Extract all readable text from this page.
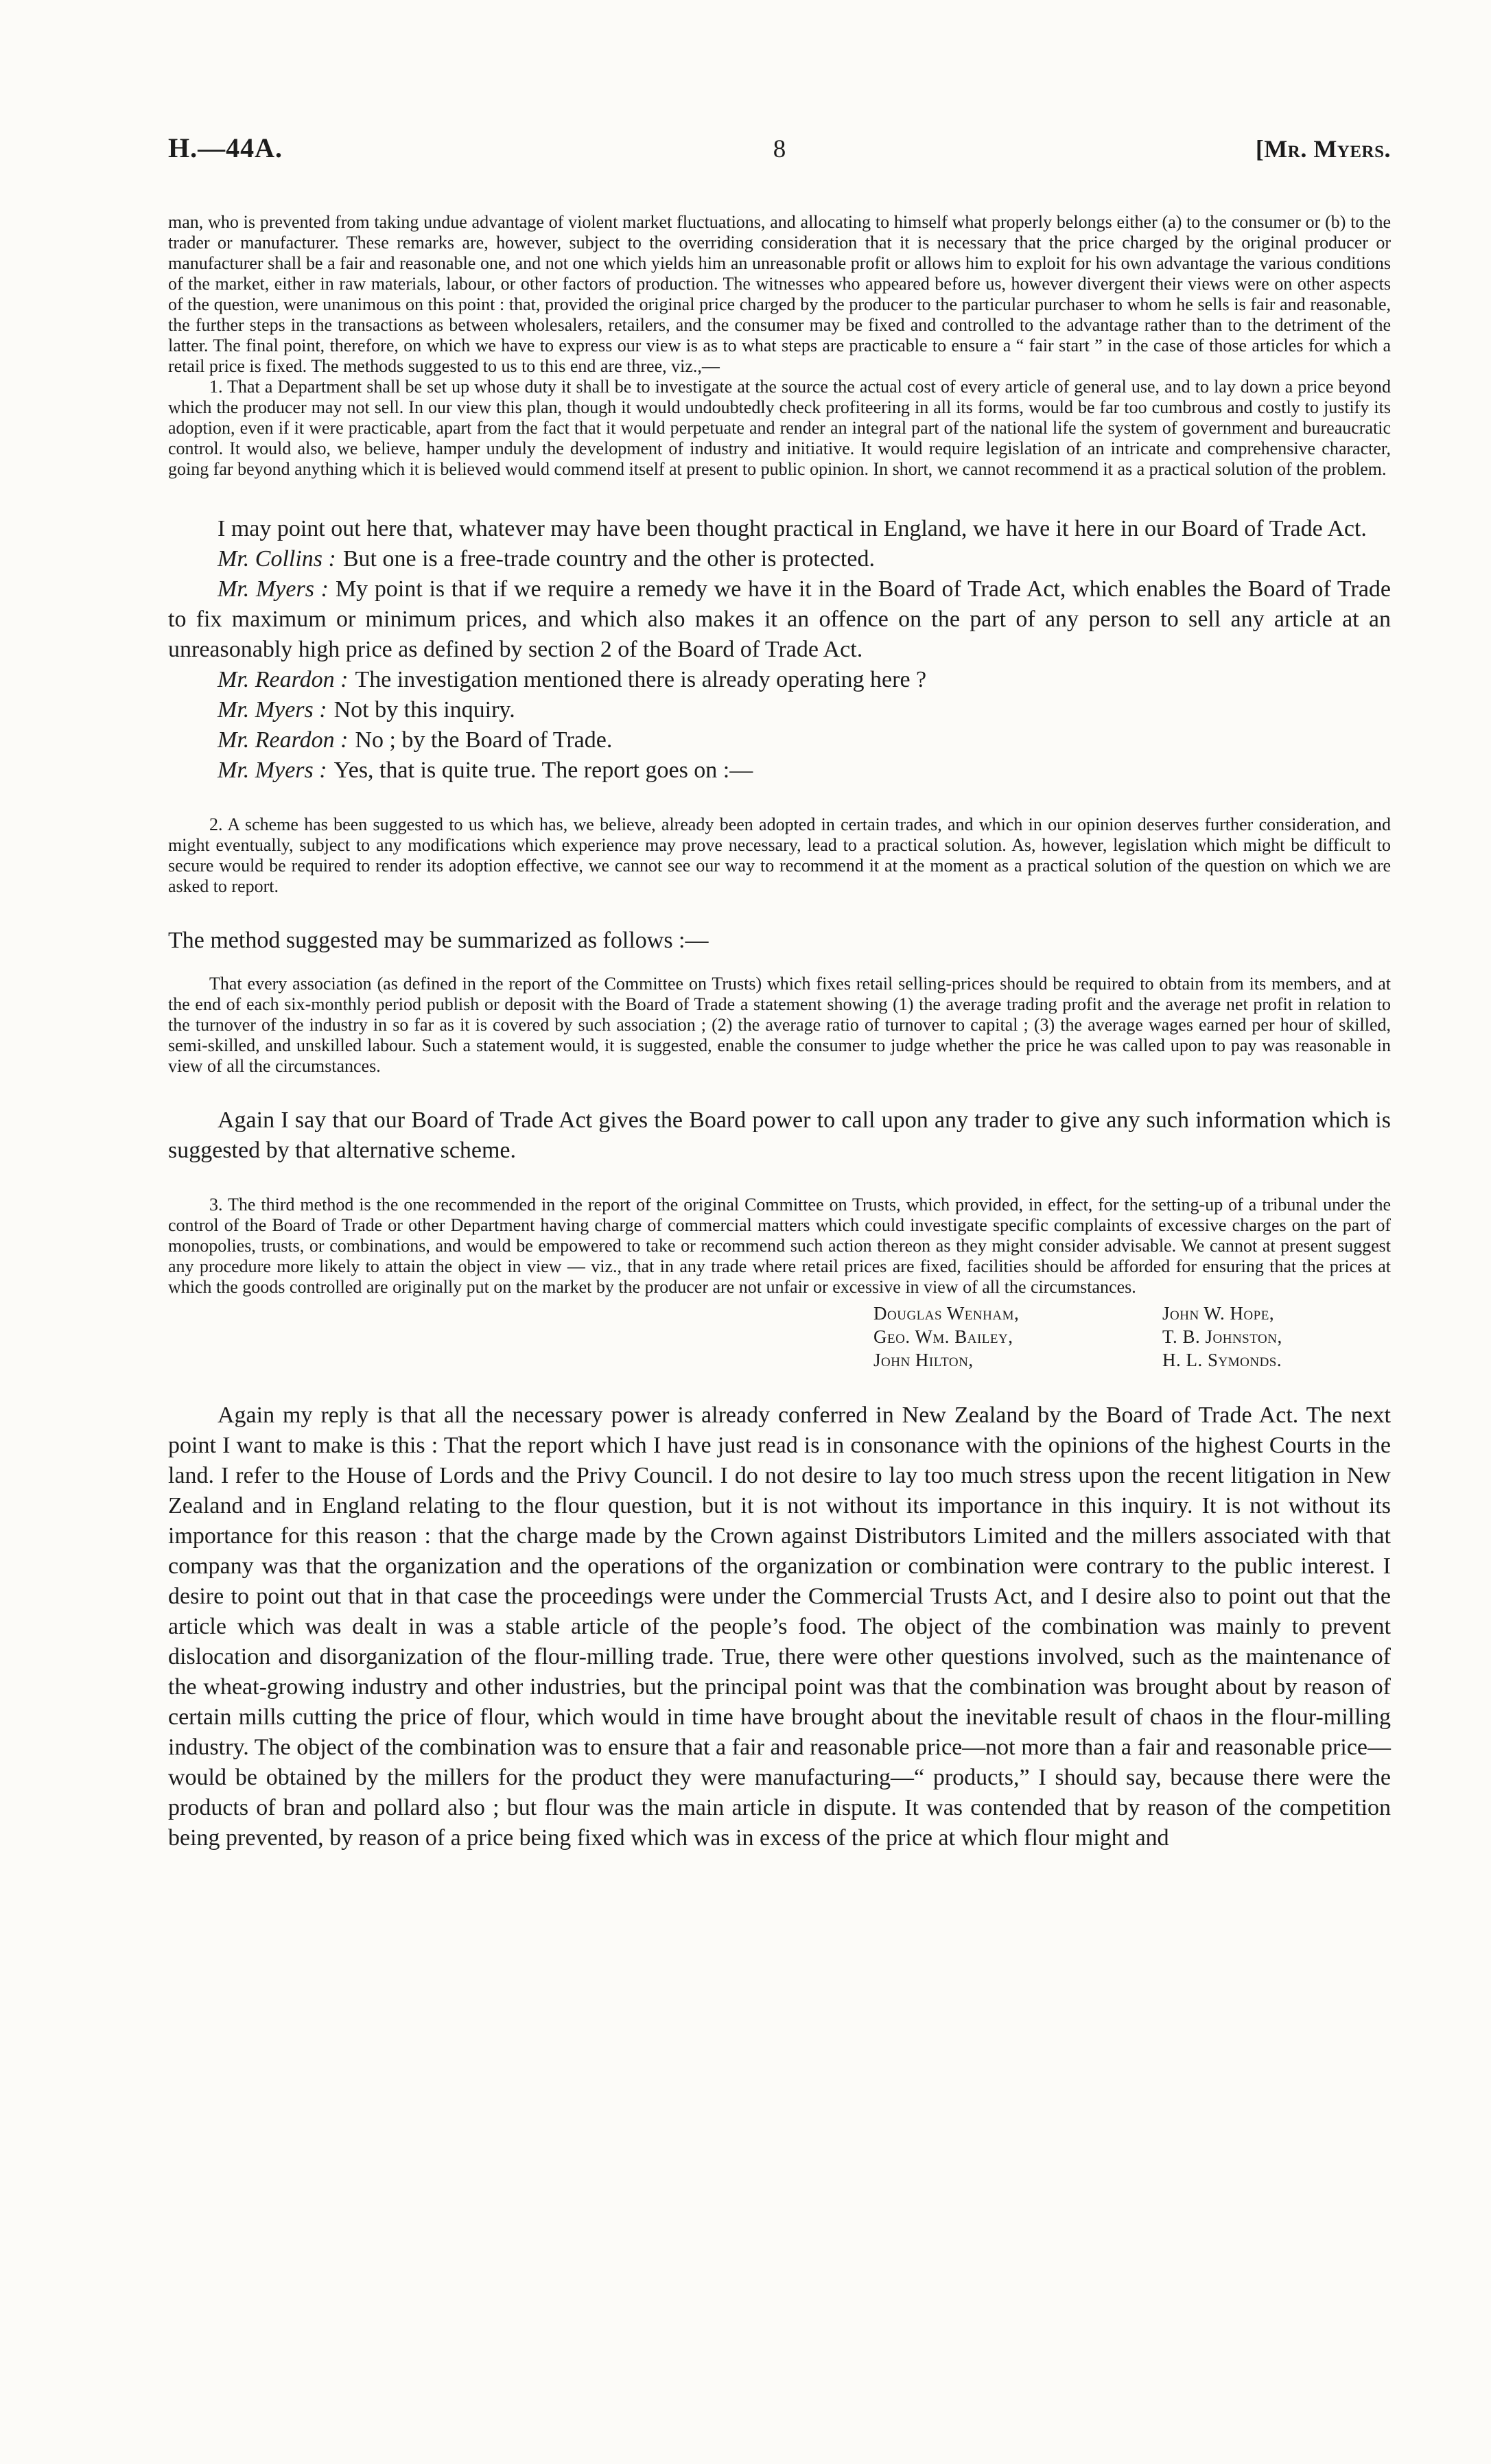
H.—44A.	8	[Mr. Myers.

man, who is prevented from taking undue advantage of violent market fluctuations, and allocating to himself what properly belongs either (a) to the consumer or (b) to the trader or manufacturer. These remarks are, however, subject to the overriding consideration that it is necessary that the price charged by the original producer or manufacturer shall be a fair and reasonable one, and not one which yields him an unreasonable profit or allows him to exploit for his own advantage the various conditions of the market, either in raw materials, labour, or other factors of production. The witnesses who appeared before us, however divergent their views were on other aspects of the question, were unanimous on this point : that, provided the original price charged by the producer to the particular purchaser to whom he sells is fair and reasonable, the further steps in the transactions as between wholesalers, retailers, and the consumer may be fixed and controlled to the advantage rather than to the detriment of the latter. The final point, therefore, on which we have to express our view is as to what steps are practicable to ensure a “ fair start ” in the case of those articles for which a retail price is fixed. The methods suggested to us to this end are three, viz.,—

1. That a Department shall be set up whose duty it shall be to investigate at the source the actual cost of every article of general use, and to lay down a price beyond which the producer may not sell. In our view this plan, though it would undoubtedly check profiteering in all its forms, would be far too cumbrous and costly to justify its adoption, even if it were practicable, apart from the fact that it would perpetuate and render an integral part of the national life the system of government and bureaucratic control. It would also, we believe, hamper unduly the development of industry and initiative. It would require legislation of an intricate and comprehensive character, going far beyond anything which it is believed would commend itself at present to public opinion. In short, we cannot recommend it as a practical solution of the problem.

I may point out here that, whatever may have been thought practical in England, we have it here in our Board of Trade Act.

Mr. Collins : But one is a free-trade country and the other is protected.

Mr. Myers : My point is that if we require a remedy we have it in the Board of Trade Act, which enables the Board of Trade to fix maximum or minimum prices, and which also makes it an offence on the part of any person to sell any article at an unreasonably high price as defined by section 2 of the Board of Trade Act.

Mr. Reardon : The investigation mentioned there is already operating here ?

Mr. Myers : Not by this inquiry.

Mr. Reardon : No ; by the Board of Trade.

Mr. Myers : Yes, that is quite true. The report goes on :—

2. A scheme has been suggested to us which has, we believe, already been adopted in certain trades, and which in our opinion deserves further consideration, and might eventually, subject to any modifications which experience may prove necessary, lead to a practical solution. As, however, legislation which might be difficult to secure would be required to render its adoption effective, we cannot see our way to recommend it at the moment as a practical solution of the question on which we are asked to report.

The method suggested may be summarized as follows :—

That every association (as defined in the report of the Committee on Trusts) which fixes retail selling-prices should be required to obtain from its members, and at the end of each six-monthly period publish or deposit with the Board of Trade a statement showing (1) the average trading profit and the average net profit in relation to the turnover of the industry in so far as it is covered by such association ; (2) the average ratio of turnover to capital ; (3) the average wages earned per hour of skilled, semi-skilled, and unskilled labour. Such a statement would, it is suggested, enable the consumer to judge whether the price he was called upon to pay was reasonable in view of all the circumstances.

Again I say that our Board of Trade Act gives the Board power to call upon any trader to give any such information which is suggested by that alternative scheme.

3. The third method is the one recommended in the report of the original Committee on Trusts, which provided, in effect, for the setting-up of a tribunal under the control of the Board of Trade or other Department having charge of commercial matters which could investigate specific complaints of excessive charges on the part of monopolies, trusts, or combinations, and would be empowered to take or recommend such action thereon as they might consider advisable. We cannot at present suggest any procedure more likely to attain the object in view — viz., that in any trade where retail prices are fixed, facilities should be afforded for ensuring that the prices at which the goods controlled are originally put on the market by the producer are not unfair or excessive in view of all the circumstances.

Douglas Wenham,
Geo. Wm. Bailey,
John Hilton,
John W. Hope,
T. B. Johnston,
H. L. Symonds.

Again my reply is that all the necessary power is already conferred in New Zealand by the Board of Trade Act. The next point I want to make is this : That the report which I have just read is in consonance with the opinions of the highest Courts in the land. I refer to the House of Lords and the Privy Council. I do not desire to lay too much stress upon the recent litigation in New Zealand and in England relating to the flour question, but it is not without its importance in this inquiry. It is not without its importance for this reason : that the charge made by the Crown against Distributors Limited and the millers associated with that company was that the organization and the operations of the organization or combination were contrary to the public interest. I desire to point out that in that case the proceedings were under the Commercial Trusts Act, and I desire also to point out that the article which was dealt in was a stable article of the people’s food. The object of the combination was mainly to prevent dislocation and disorganization of the flour-milling trade. True, there were other questions involved, such as the maintenance of the wheat-growing industry and other industries, but the principal point was that the combination was brought about by reason of certain mills cutting the price of flour, which would in time have brought about the inevitable result of chaos in the flour-milling industry. The object of the combination was to ensure that a fair and reasonable price—not more than a fair and reasonable price—would be obtained by the millers for the product they were manufacturing—“ products,” I should say, because there were the products of bran and pollard also ; but flour was the main article in dispute. It was contended that by reason of the competition being prevented, by reason of a price being fixed which was in excess of the price at which flour might and
